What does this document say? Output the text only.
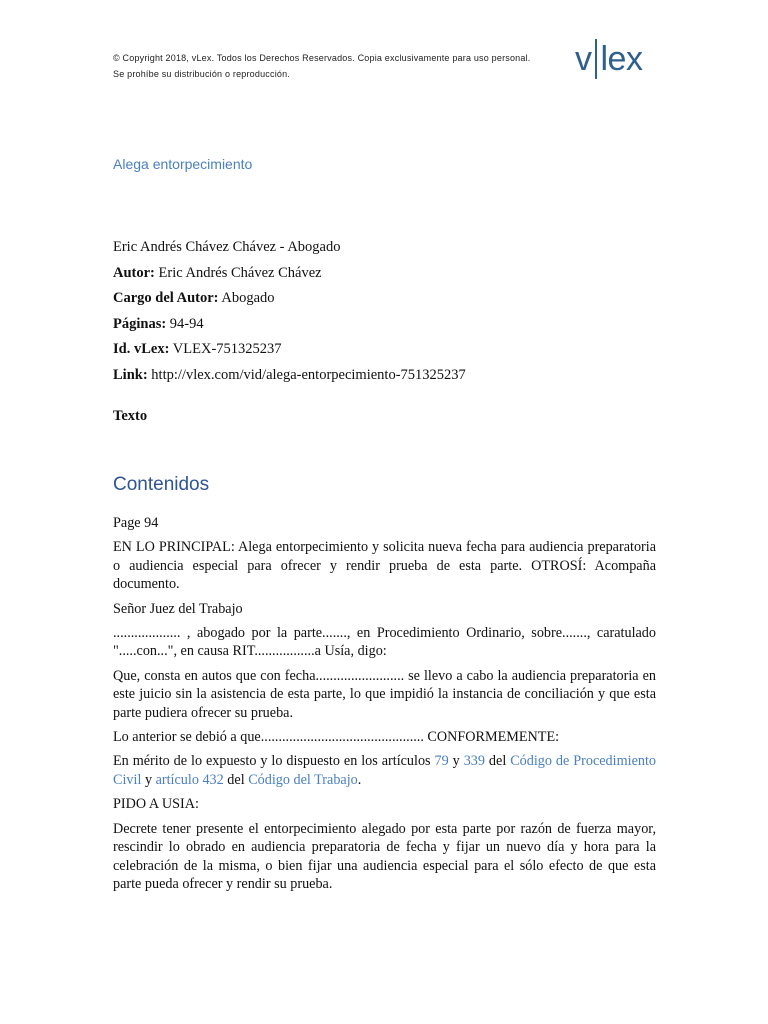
© Copyright 2018, vLex. Todos los Derechos Reservados. Copia exclusivamente para uso personal.
Se prohíbe su distribución o reproducción.	v lex
Alega entorpecimiento
Eric Andrés Chávez Chávez - Abogado
Autor: Eric Andrés Chávez Chávez
Cargo del Autor: Abogado
Páginas: 94-94
Id. vLex: VLEX-751325237
Link: http://vlex.com/vid/alega-entorpecimiento-751325237
Texto
Contenidos

Page 94

EN LO PRINCIPAL: Alega entorpecimiento y solicita nueva fecha para audiencia preparatoria o audiencia especial para ofrecer y rendir prueba de esta parte. OTROSÍ: Acompaña documento.

Señor Juez del Trabajo

................... , abogado por la parte......., en Procedimiento Ordinario, sobre......., caratulado ".....con...", en causa RIT.................a Usía, digo:

Que, consta en autos que con fecha......................... se llevo a cabo la audiencia preparatoria en este juicio sin la asistencia de esta parte, lo que impidió la instancia de conciliación y que esta parte pudiera ofrecer su prueba.

Lo anterior se debió a que.............................................. CONFORMEMENTE:

En mérito de lo expuesto y lo dispuesto en los artículos 79 y 339 del Código de Procedimiento Civil y artículo 432 del Código del Trabajo.

PIDO A USIA:

Decrete tener presente el entorpecimiento alegado por esta parte por razón de fuerza mayor, rescindir lo obrado en audiencia preparatoria de fecha y fijar un nuevo día y hora para la celebración de la misma, o bien fijar una audiencia especial para el sólo efecto de que esta parte pueda ofrecer y rendir su prueba.
